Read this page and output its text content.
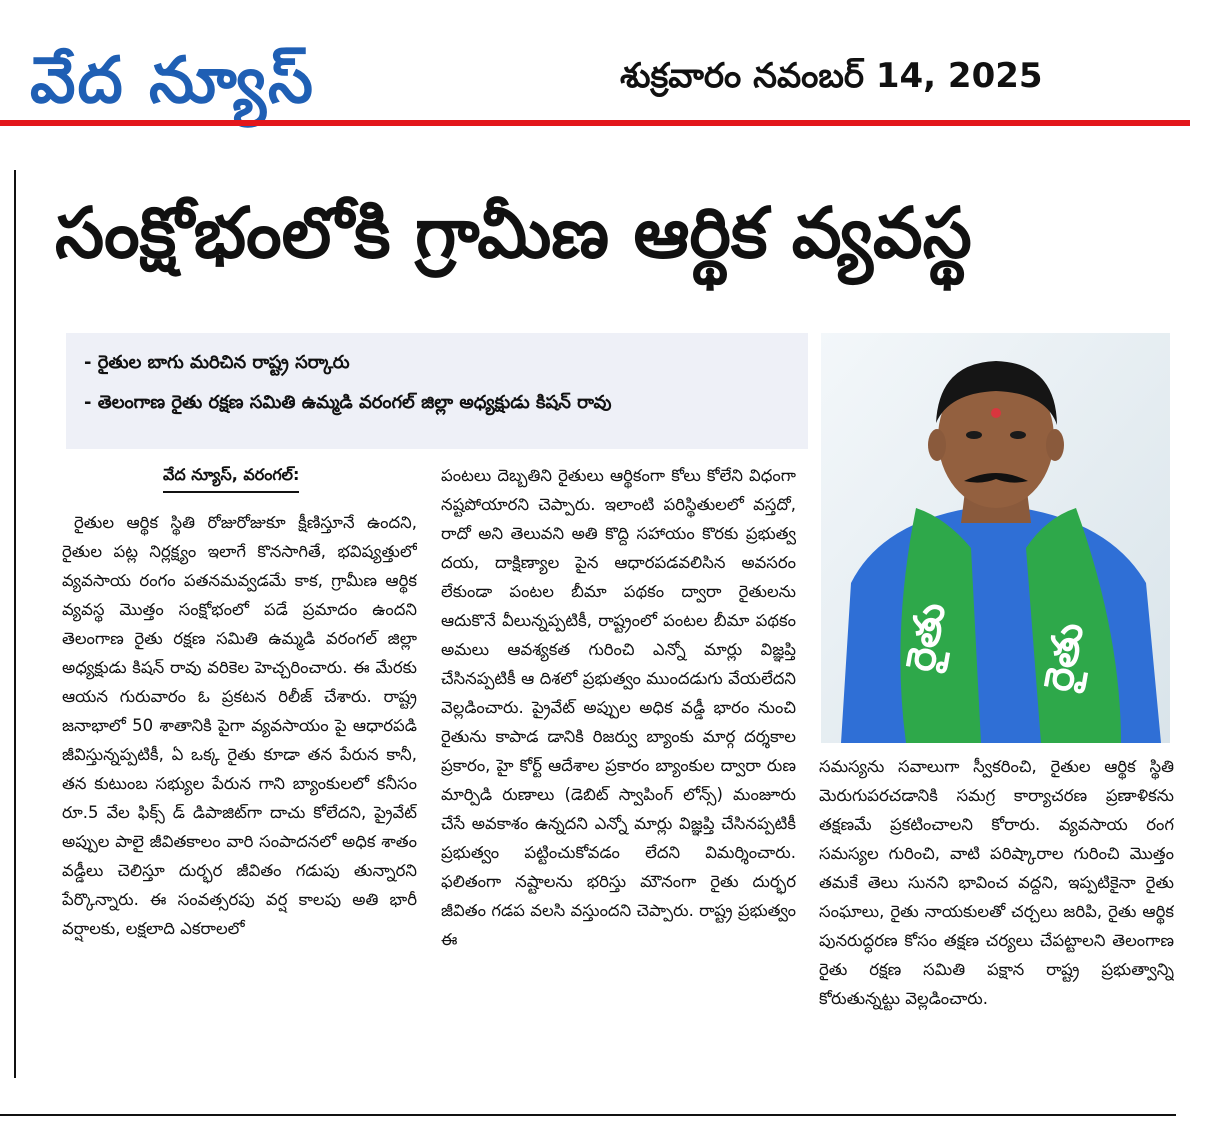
వేద న్యూస్	శుక్రవారం నవంబర్ 14, 2025
సంక్షోభంలోకి గ్రామీణ ఆర్థిక వ్యవస్థ
- రైతుల బాగు మరిచిన రాష్ట్ర సర్కారు
- తెలంగాణ రైతు రక్షణ సమితి ఉమ్మడి వరంగల్ జిల్లా అధ్యక్షుడు కిషన్ రావు
రైతు రైతు
వేద న్యూస్, వరంగల్:
రైతుల ఆర్థిక స్థితి రోజురోజుకూ క్షీణిస్తూనే ఉందని, రైతుల పట్ల నిర్లక్ష్యం ఇలాగే కొనసాగితే, భవిష్యత్తులో వ్యవసాయ రంగం పతనమవ్వడమే కాక, గ్రామీణ ఆర్థిక వ్యవస్థ మొత్తం సంక్షోభంలో పడే ప్రమాదం ఉందని తెలంగాణ రైతు రక్షణ సమితి ఉమ్మడి వరంగల్ జిల్లా అధ్యక్షుడు కిషన్ రావు వరికెల హెచ్చరించారు. ఈ మేరకు ఆయన గురువారం ఓ ప్రకటన రిలీజ్ చేశారు. రాష్ట్ర జనాభాలో 50 శాతానికి పైగా వ్యవసాయం పై ఆధారపడి జీవిస్తున్నప్పటికీ, ఏ ఒక్క రైతు కూడా తన పేరున కానీ, తన కుటుంబ సభ్యుల పేరున గాని బ్యాంకులలో కనీసం రూ.5 వేల ఫిక్స్ డ్ డిపాజిట్‌గా దాచు కోలేదని, ప్రైవేట్ అప్పుల పాలై జీవితకాలం వారి సంపాదనలో అధిక శాతం వడ్డీలు చెలిస్తూ దుర్భర జీవితం గడుపు తున్నారని పేర్కొన్నారు. ఈ సంవత్సరపు వర్ష కాలపు అతి భారీ వర్షాలకు, లక్షలాది ఎకరాలలో
పంటలు దెబ్బతిని రైతులు ఆర్థికంగా కోలు కోలేని విధంగా నష్టపోయారని చెప్పారు. ఇలాంటి పరిస్థితులలో వస్తదో, రాదో అని తెలువని అతి కొద్ది సహాయం కొరకు ప్రభుత్వ దయ, దాక్షిణ్యాల పైన ఆధారపడవలిసిన అవసరం లేకుండా పంటల బీమా పథకం ద్వారా రైతులను ఆదుకొనే వీలున్నప్పటికీ, రాష్ట్రంలో పంటల బీమా పథకం అమలు ఆవశ్యకత గురించి ఎన్నో మార్లు విజ్ఞప్తి చేసినప్పటికీ ఆ దిశలో ప్రభుత్వం ముందడుగు వేయలేదని వెల్లడించారు. ప్రైవేట్ అప్పుల అధిక వడ్డీ భారం నుంచి రైతును కాపాడ డానికి రిజర్వు బ్యాంకు మార్గ దర్శకాల ప్రకారం, హై కోర్ట్ ఆదేశాల ప్రకారం బ్యాంకుల ద్వారా రుణ మార్పిడి రుణాలు (డెబిట్ స్వాపింగ్ లోన్స్) మంజూరు చేసే అవకాశం ఉన్నదని ఎన్నో మార్లు విజ్ఞప్తి చేసినప్పటికీ ప్రభుత్వం పట్టించుకోవడం లేదని విమర్శించారు. ఫలితంగా నష్టాలను భరిస్తు మౌనంగా రైతు దుర్భర జీవితం గడప వలసి వస్తుందని చెప్పారు. రాష్ట్ర ప్రభుత్వం ఈ
సమస్యను సవాలుగా స్వీకరించి, రైతుల ఆర్థిక స్థితి మెరుగుపరచడానికి సమగ్ర కార్యాచరణ ప్రణాళికను తక్షణమే ప్రకటించాలని కోరారు. వ్యవసాయ రంగ సమస్యల గురించి, వాటి పరిష్కారాల గురించి మొత్తం తమకే తెలు సునని భావించ వద్దని, ఇప్పటికైనా రైతు సంఘాలు, రైతు నాయకులతో చర్చలు జరిపి, రైతు ఆర్థిక పునరుద్ధరణ కోసం తక్షణ చర్యలు చేపట్టాలని తెలంగాణ రైతు రక్షణ సమితి పక్షాన రాష్ట్ర ప్రభుత్వాన్ని కోరుతున్నట్టు వెల్లడించారు.
